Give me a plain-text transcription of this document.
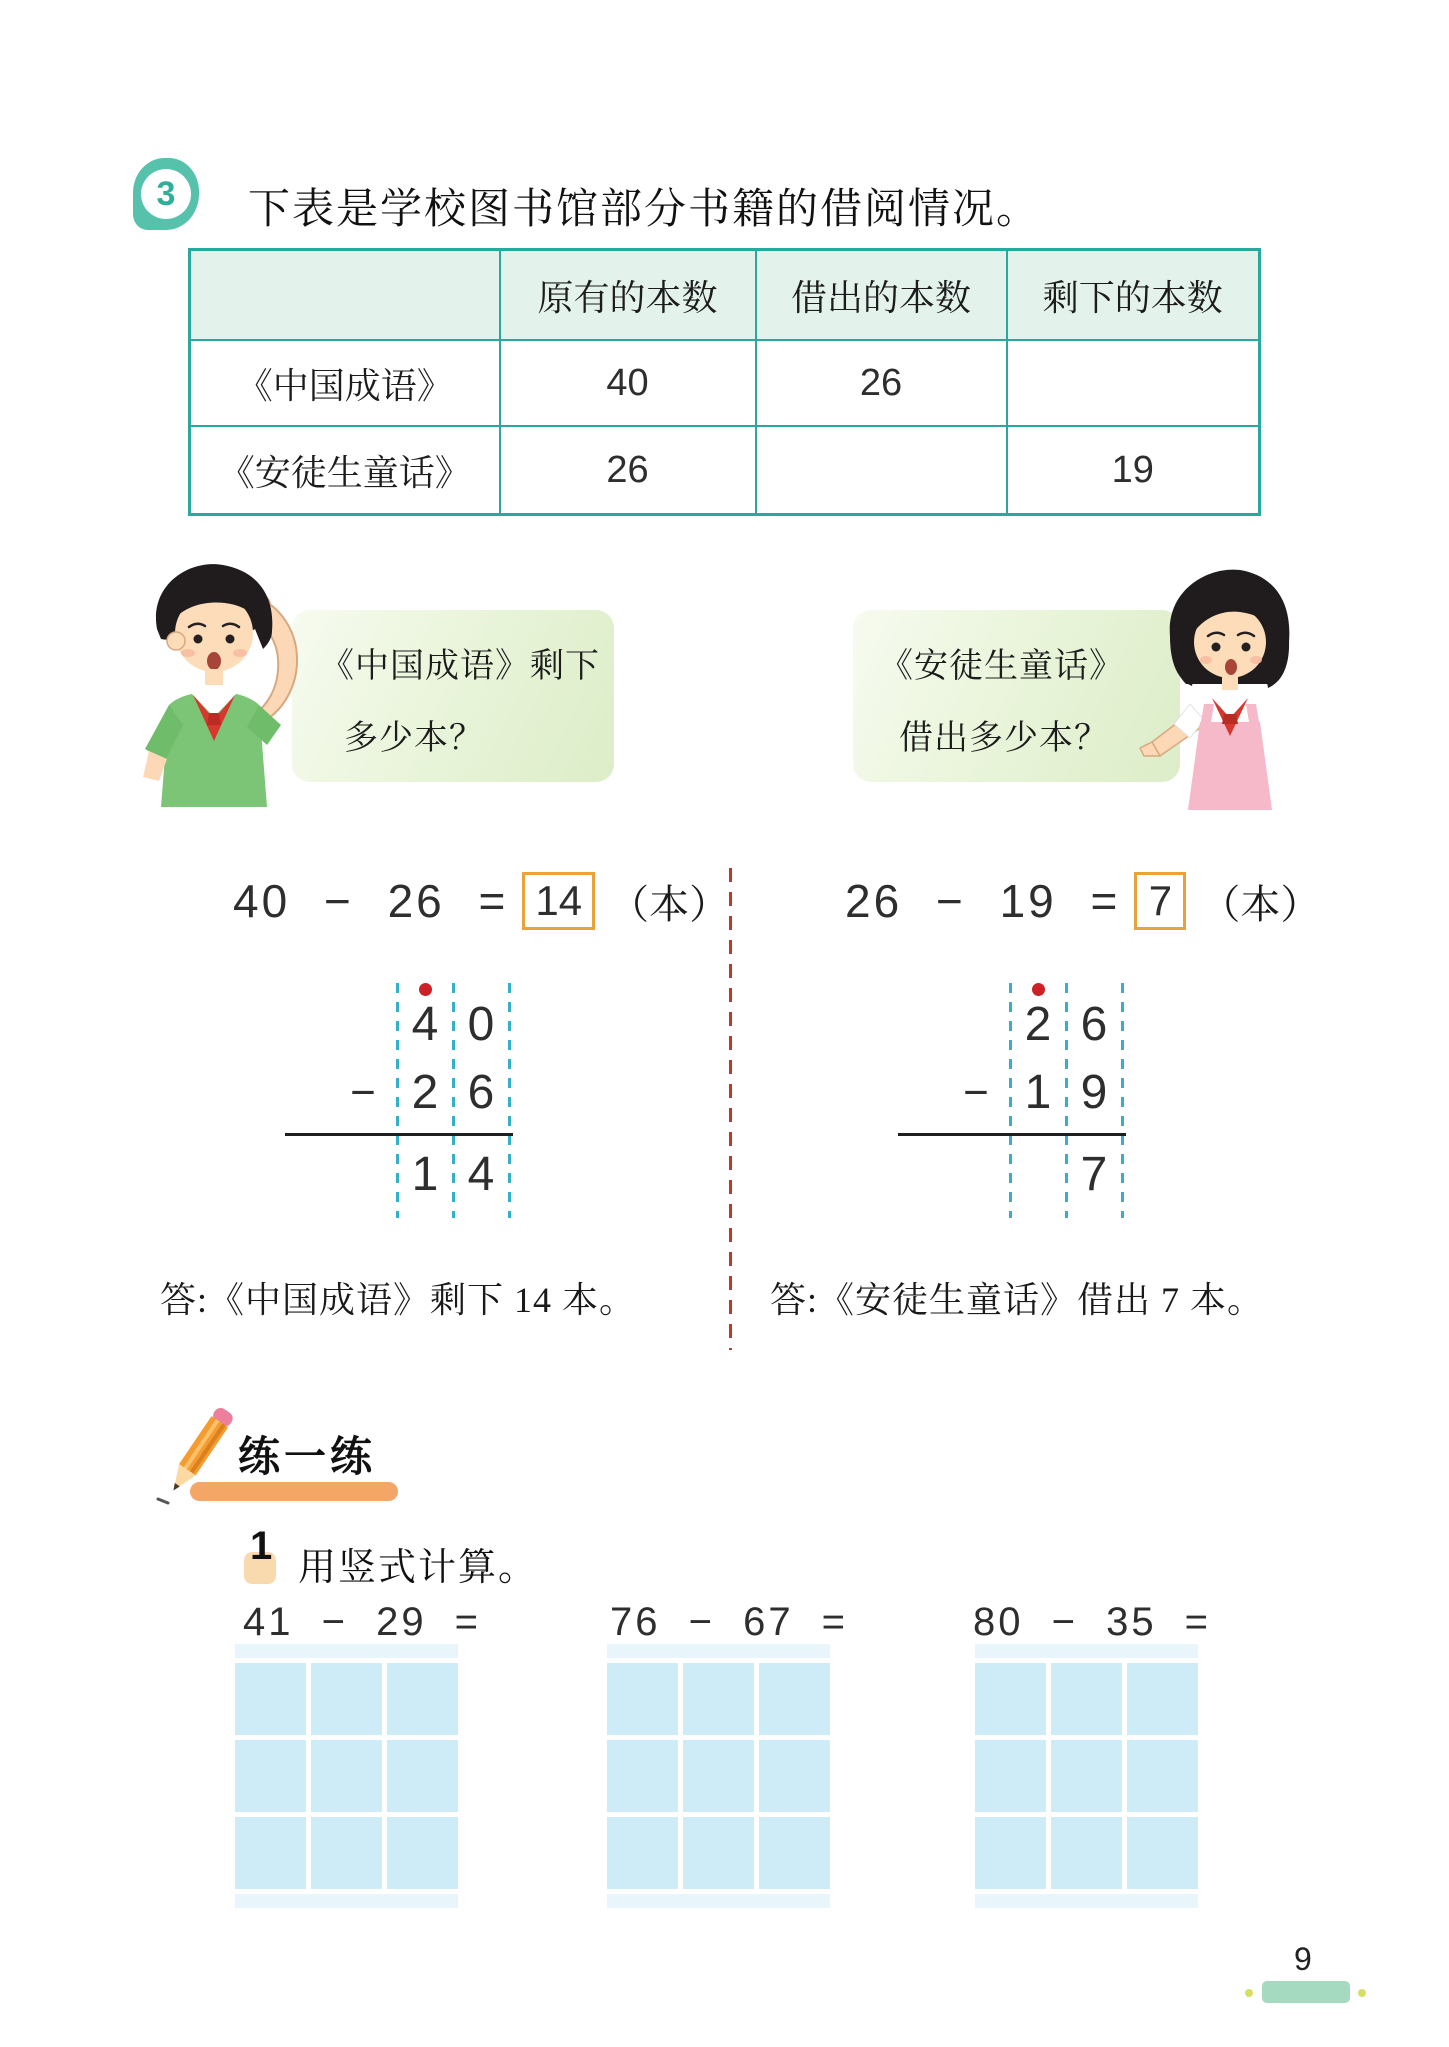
3 下表是学校图书馆部分书籍的借阅情况。
	原有的本数	借出的本数	剩下的本数
《中国成语》	40	26	
《安徒生童话》	26		19
《中国成语》剩下
多少本？
《安徒生童话》
借出多少本？
40 − 26 = 14 （本）	26 − 19 = 7 （本）
4 0
− 2 6
1 4
2 6
− 1 9
7
答:《中国成语》剩下 14 本。	答:《安徒生童话》借出 7 本。
练一练
1 用竖式计算。
41 − 29 =	76 − 67 =	80 − 35 =
9
